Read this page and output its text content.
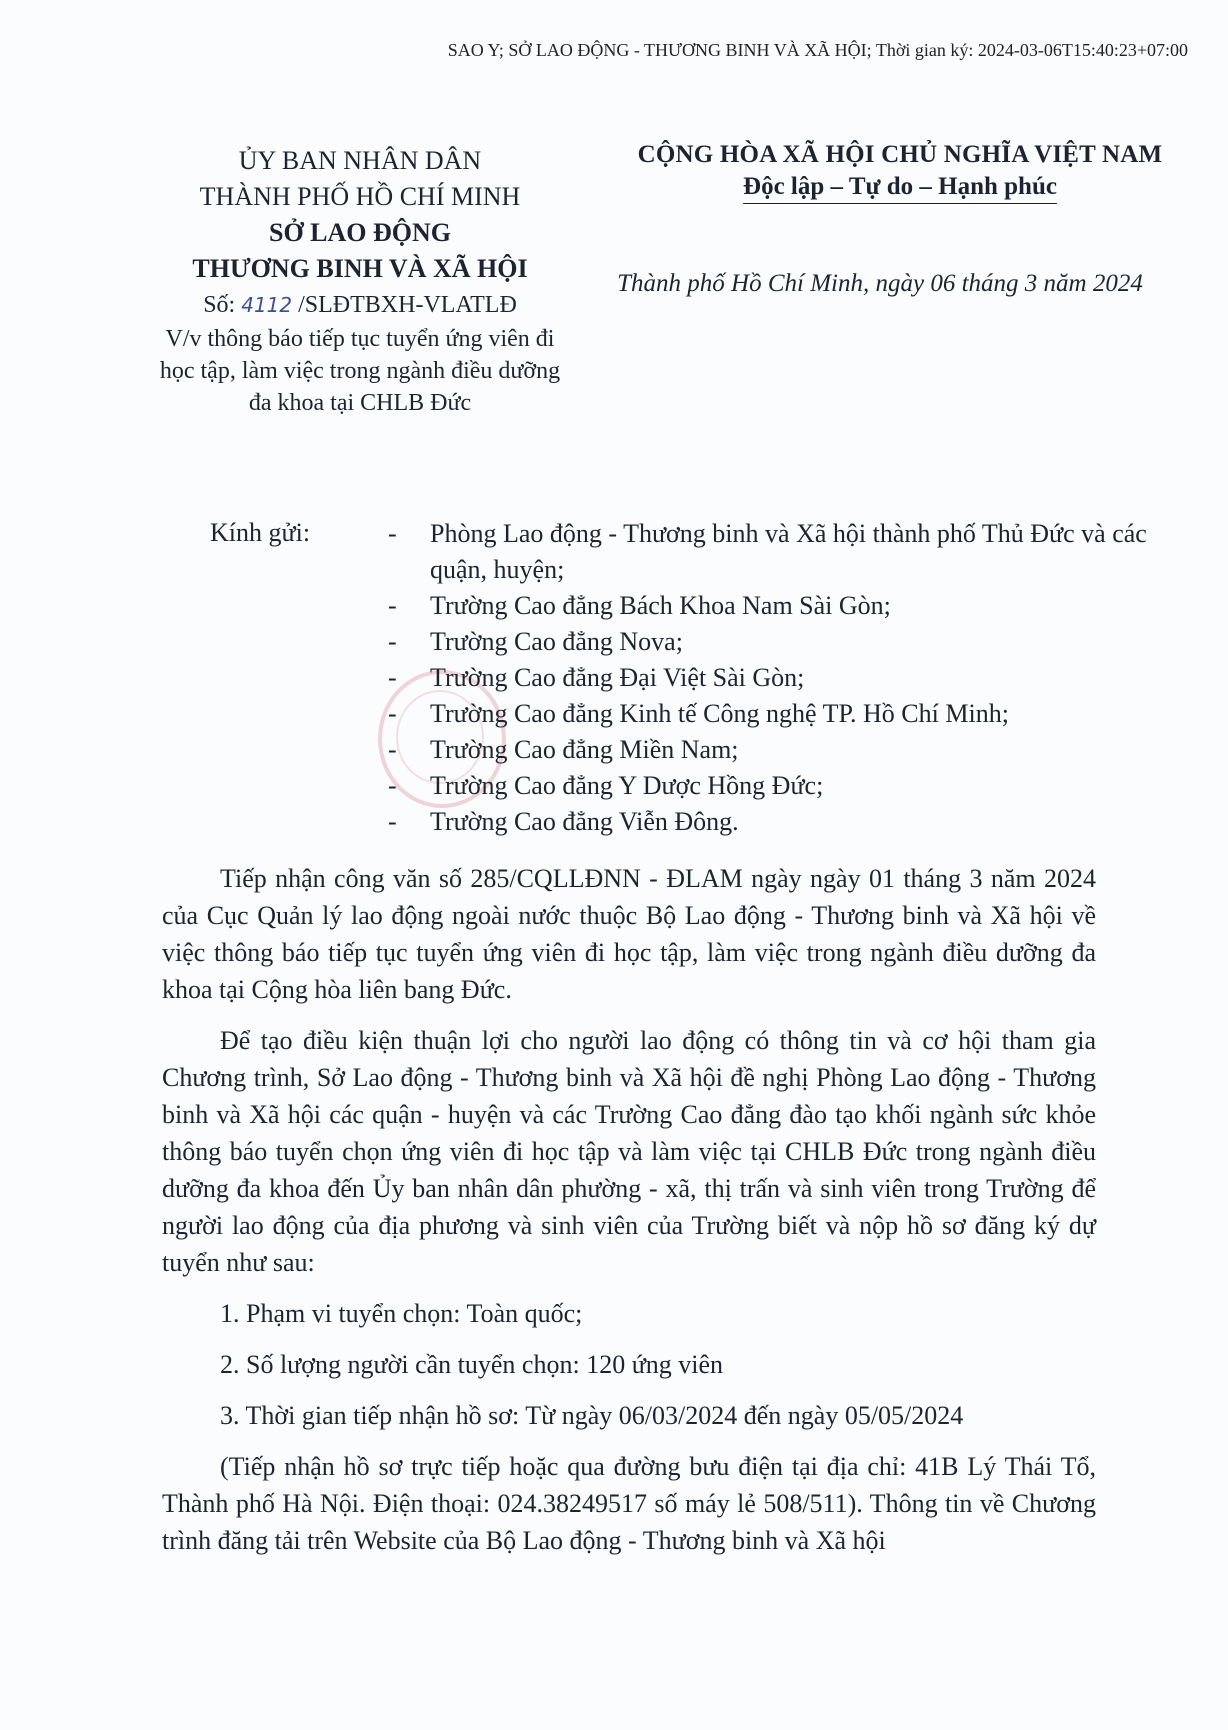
SAO Y; SỞ LAO ĐỘNG - THƯƠNG BINH VÀ XÃ HỘI; Thời gian ký: 2024-03-06T15:40:23+07:00
ỦY BAN NHÂN DÂN
THÀNH PHỐ HỒ CHÍ MINH
SỞ LAO ĐỘNG
THƯƠNG BINH VÀ XÃ HỘI
Số: 4112 /SLĐTBXH-VLATLĐ
V/v thông báo tiếp tục tuyển ứng viên đi học tập, làm việc trong ngành điều dưỡng đa khoa tại CHLB Đức
CỘNG HÒA XÃ HỘI CHỦ NGHĨA VIỆT NAM
Độc lập – Tự do – Hạnh phúc
Thành phố Hồ Chí Minh, ngày 06 tháng 3 năm 2024
Kính gửi:	- Phòng Lao động - Thương binh và Xã hội thành phố Thủ Đức và các quận, huyện;
- Trường Cao đẳng Bách Khoa Nam Sài Gòn;
- Trường Cao đẳng Nova;
- Trường Cao đẳng Đại Việt Sài Gòn;
- Trường Cao đẳng Kinh tế Công nghệ TP. Hồ Chí Minh;
- Trường Cao đẳng Miền Nam;
- Trường Cao đẳng Y Dược Hồng Đức;
- Trường Cao đẳng Viễn Đông.

Tiếp nhận công văn số 285/CQLLĐNN - ĐLAM ngày ngày 01 tháng 3 năm 2024 của Cục Quản lý lao động ngoài nước thuộc Bộ Lao động - Thương binh và Xã hội về việc thông báo tiếp tục tuyển ứng viên đi học tập, làm việc trong ngành điều dưỡng đa khoa tại Cộng hòa liên bang Đức.

Để tạo điều kiện thuận lợi cho người lao động có thông tin và cơ hội tham gia Chương trình, Sở Lao động - Thương binh và Xã hội đề nghị Phòng Lao động - Thương binh và Xã hội các quận - huyện và các Trường Cao đẳng đào tạo khối ngành sức khỏe thông báo tuyển chọn ứng viên đi học tập và làm việc tại CHLB Đức trong ngành điều dưỡng đa khoa đến Ủy ban nhân dân phường - xã, thị trấn và sinh viên trong Trường để người lao động của địa phương và sinh viên của Trường biết và nộp hồ sơ đăng ký dự tuyển như sau:

1. Phạm vi tuyển chọn: Toàn quốc;

2. Số lượng người cần tuyển chọn: 120 ứng viên

3. Thời gian tiếp nhận hồ sơ: Từ ngày 06/03/2024 đến ngày 05/05/2024

(Tiếp nhận hồ sơ trực tiếp hoặc qua đường bưu điện tại địa chỉ: 41B Lý Thái Tổ, Thành phố Hà Nội. Điện thoại: 024.38249517 số máy lẻ 508/511). Thông tin về Chương trình đăng tải trên Website của Bộ Lao động - Thương binh và Xã hội
